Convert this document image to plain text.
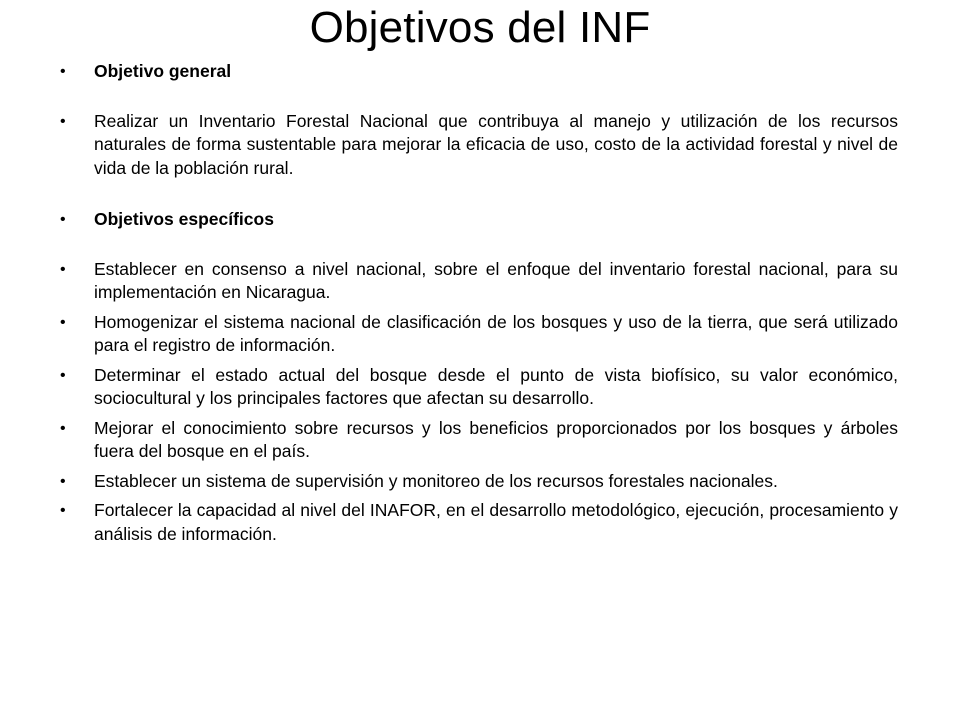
Objetivos del INF
•	Objetivo general
•	Realizar un Inventario Forestal Nacional que contribuya al manejo y utilización de los recursos naturales de forma sustentable para mejorar la eficacia de uso, costo de la actividad forestal y nivel de vida de la población rural.
•	Objetivos específicos
•	Establecer en consenso a nivel nacional, sobre el enfoque del inventario forestal nacional, para su implementación en Nicaragua.
•	Homogenizar el sistema nacional de clasificación de los bosques y uso de la tierra, que será utilizado para el registro de información.
•	Determinar el estado actual del bosque desde el punto de vista biofísico, su valor económico, sociocultural y los principales factores que afectan su desarrollo.
•	Mejorar el conocimiento sobre recursos y los beneficios proporcionados por los bosques y árboles fuera del bosque en el país.
•	Establecer un sistema de supervisión y monitoreo de los recursos forestales nacionales.
•	Fortalecer la capacidad al nivel del INAFOR, en el desarrollo metodológico, ejecución, procesamiento y análisis de información.
